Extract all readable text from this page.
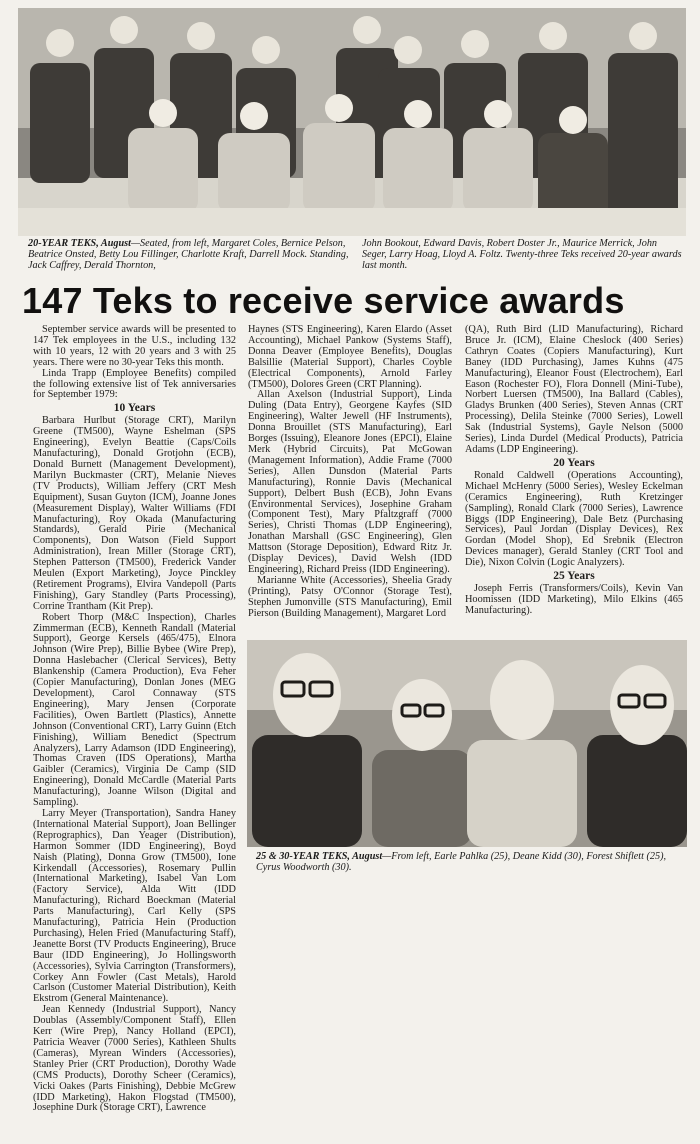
20-YEAR TEKS, August—Seated, from left, Margaret Coles, Bernice Pelson, Beatrice Onsted, Betty Lou Fillinger, Charlotte Kraft, Darrell Mock. Standing, Jack Caffrey, Derald Thornton,
John Bookout, Edward Davis, Robert Doster Jr., Maurice Merrick, John Seger, Larry Hoag, Lloyd A. Foltz. Twenty-three Teks received 20-year awards last month.
147 Teks to receive service awards

September service awards will be presented to 147 Tek employees in the U.S., including 132 with 10 years, 12 with 20 years and 3 with 25 years. There were no 30-year Teks this month.

Linda Trapp (Employee Benefits) compiled the following extensive list of Tek anniversaries for September 1979:

10 Years

Barbara Hurlbut (Storage CRT), Marilyn Greene (TM500), Wayne Eshelman (SPS Engineering), Evelyn Beattie (Caps/Coils Manufacturing), Donald Grotjohn (ECB), Donald Burnett (Management Development), Marilyn Buckmaster (CRT), Melanie Nieves (TV Products), William Jeffery (CRT Mesh Equipment), Susan Guyton (ICM), Joanne Jones (Measurement Display), Walter Williams (FDI Manufacturing), Roy Okada (Manufacturing Standards), Gerald Pirie (Mechanical Components), Don Watson (Field Support Administration), Irean Miller (Storage CRT), Stephen Patterson (TM500), Frederick Vander Meulen (Export Marketing), Joyce Pinckley (Retirement Programs), Elvira Vandepoll (Parts Finishing), Gary Standley (Parts Processing), Corrine Trantham (Kit Prep).

Robert Thorp (M&C Inspection), Charles Zimmerman (ECB), Kenneth Randall (Material Support), George Kersels (465/475), Elnora Johnson (Wire Prep), Billie Bybee (Wire Prep), Donna Haslebacher (Clerical Services), Betty Blankenship (Camera Production), Eva Feher (Copier Manufacturing), Donlan Jones (MEG Development), Carol Connaway (STS Engineering), Mary Jensen (Corporate Facilities), Owen Bartlett (Plastics), Annette Johnson (Conventional CRT), Larry Guinn (Etch Finishing), William Benedict (Spectrum Analyzers), Larry Adamson (IDD Engineering), Thomas Craven (IDS Operations), Martha Gaibler (Ceramics), Virginia De Camp (SID Engineering), Donald McCardle (Material Parts Manufacturing), Joanne Wilson (Digital and Sampling).

Larry Meyer (Transportation), Sandra Haney (International Material Support), Joan Bellinger (Reprographics), Dan Yeager (Distribution), Harmon Sommer (IDD Engineering), Boyd Naish (Plating), Donna Grow (TM500), Ione Kirkendall (Accessories), Rosemary Pullin (International Marketing), Isabel Van Lom (Factory Service), Alda Witt (IDD Manufacturing), Richard Boeckman (Material Parts Manufacturing), Carl Kelly (SPS Manufacturing), Patricia Hein (Production Purchasing), Helen Fried (Manufacturing Staff), Jeanette Borst (TV Products Engineering), Bruce Baur (IDD Engineering), Jo Hollingsworth (Accessories), Sylvia Carrington (Transformers), Corkey Ann Fowler (Cast Metals), Harold Carlson (Customer Material Distribution), Keith Ekstrom (General Maintenance).

Jean Kennedy (Industrial Support), Nancy Doublas (Assembly/Component Staff), Ellen Kerr (Wire Prep), Nancy Holland (EPCI), Patricia Weaver (7000 Series), Kathleen Shults (Cameras), Myrean Winders (Accessories), Stanley Prier (CRT Production), Dorothy Wade (CMS Products), Dorothy Scheer (Ceramics), Vicki Oakes (Parts Finishing), Debbie McGrew (IDD Marketing), Hakon Flogstad (TM500), Josephine Durk (Storage CRT), Lawrence

Haynes (STS Engineering), Karen Elardo (Asset Accounting), Michael Pankow (Systems Staff), Donna Deaver (Employee Benefits), Douglas Balsillie (Material Support), Charles Coyble (Electrical Components), Arnold Farley (TM500), Dolores Green (CRT Planning).

Allan Axelson (Industrial Support), Linda Duling (Data Entry), Georgene Kayfes (SID Engineering), Walter Jewell (HF Instruments), Donna Brouillet (STS Manufacturing), Earl Borges (Issuing), Eleanore Jones (EPCI), Elaine Merk (Hybrid Circuits), Pat McGowan (Management Information), Addie Frame (7000 Series), Allen Dunsdon (Material Parts Manufacturing), Ronnie Davis (Mechanical Support), Delbert Bush (ECB), John Evans (Environmental Services), Josephine Graham (Component Test), Mary Pfaltzgraff (7000 Series), Christi Thomas (LDP Engineering), Jonathan Marshall (GSC Engineering), Glen Mattson (Storage Deposition), Edward Ritz Jr. (Display Devices), David Welsh (IDD Engineering), Richard Preiss (IDD Engineering).

Marianne White (Accessories), Sheelia Grady (Printing), Patsy O'Connor (Storage Test), Stephen Jumonville (STS Manufacturing), Emil Pierson (Building Management), Margaret Lord

(QA), Ruth Bird (LID Manufacturing), Richard Bruce Jr. (ICM), Elaine Cheslock (400 Series) Cathryn Coates (Copiers Manufacturing), Kurt Baney (IDD Purchasing), James Kuhns (475 Manufacturing), Eleanor Foust (Electrochem), Earl Eason (Rochester FO), Flora Donnell (Mini-Tube), Norbert Luersen (TM500), Ina Ballard (Cables), Gladys Brunken (400 Series), Steven Annas (CRT Processing), Delila Steinke (7000 Series), Lowell Sak (Industrial Systems), Gayle Nelson (5000 Series), Linda Durdel (Medical Products), Patricia Adams (LDP Engineering).

20 Years

Ronald Caldwell (Operations Accounting), Michael McHenry (5000 Series), Wesley Eckelman (Ceramics Engineering), Ruth Kretzinger (Sampling), Ronald Clark (7000 Series), Lawrence Biggs (IDP Engineering), Dale Betz (Purchasing Services), Paul Jordan (Display Devices), Rex Gordan (Model Shop), Ed Srebnik (Electron Devices manager), Gerald Stanley (CRT Tool and Die), Nixon Colvin (Logic Analyzers).

25 Years

Joseph Ferris (Transformers/Coils), Kevin Van Hoomissen (IDD Marketing), Milo Elkins (465 Manufacturing).

25 & 30-YEAR TEKS, August—From left, Earle Pahlka (25), Deane Kidd (30), Forest Shiflett (25), Cyrus Woodworth (30).
